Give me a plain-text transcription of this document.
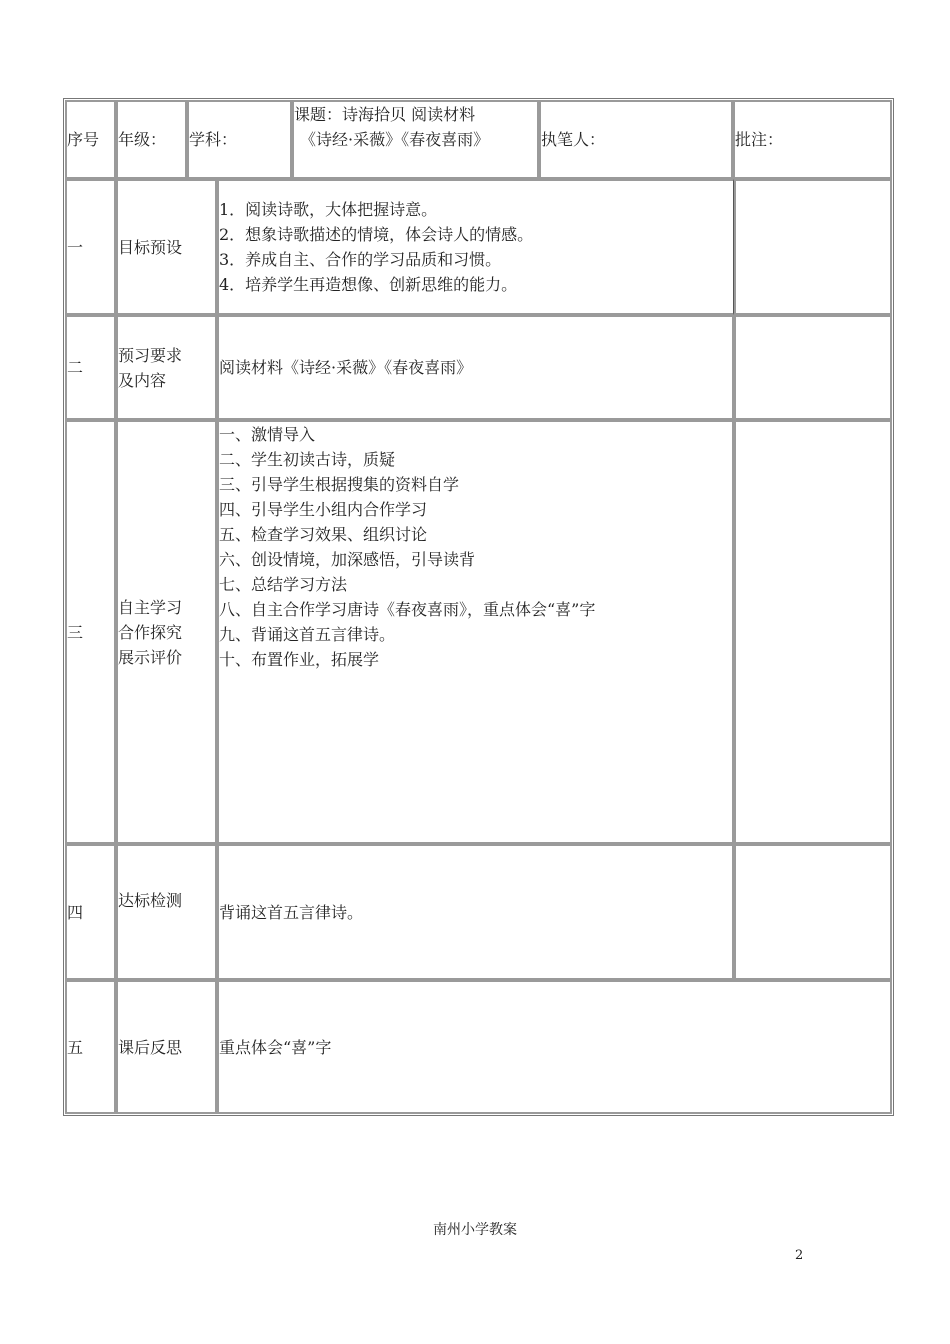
序号 年级： 学科：
课题：诗海拾贝 阅读材料
《诗经·采薇》《春夜喜雨》	执笔人：	批注：
一 目标预设
1．阅读诗歌，大体把握诗意。
2．想象诗歌描述的情境，体会诗人的情感。
3．养成自主、合作的学习品质和习惯。
4．培养学生再造想像、创新思维的能力。
二
预习要求
及内容
阅读材料《诗经·采薇》《春夜喜雨》
三
自主学习
合作探究
展示评价
一、激情导入
二、学生初读古诗，质疑
三、引导学生根据搜集的资料自学
四、引导学生小组内合作学习
五、检查学习效果、组织讨论
六、创设情境，加深感悟，引导读背
七、总结学习方法
八、自主合作学习唐诗《春夜喜雨》，重点体会“喜”字
九、背诵这首五言律诗。
十、布置作业，拓展学
四
达标检测
背诵这首五言律诗。
五 课后反思 重点体会“喜”字
南州小学教案
2
